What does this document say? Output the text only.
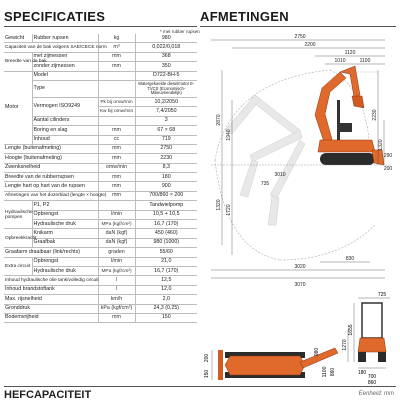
SPECIFICATIES	AFMETINGEN
* met rubber rupsen
Gewicht	Rubber rupsen	kg	980
Capaciteit van de bak volgens SAE/CECE norm		m³	0,022/0,018
Breedte van de bak	met zijmessen	mm	368
	zonder zijmessen	mm	350
Motor	Model		D722-BH-5
	Type		Watergekoelde dieselmotor E-TVCS (Economisch-Milieuvriendelijk)
	Vermogen ISO9249	Pk bij omw/min	10,2/2050
		Kw bij omw/min	7,4/2050
	Aantal cilinders		3
	Boring en slag	mm	67 × 68
	Inhoud	cc	719
Lengte (buitenafmeting)		mm	2750
Hoogte (buitenafmeting)		mm	2230
Zwenksnelheid		omw/min	8,3
Breedte van de rubberrupsen		mm	180
Lengte hart op hart van de rupsen		mm	900
Afmetingen van het dozerblad (lengte × hoogte)		mm	700/860 × 200
Hydraulische pompen	P1, P2		Tandwielpomp
	Opbrengst	l/min	10,5 + 10,5
	Hydraulische druk	MPa (kgf/cm²)	16,7 (170)
Opbreekkracht	Knikarm	daN (kgf)	450 (460)
	Graafbak	daN (kgf)	980 (1000)
Graafarm draaibaar (link/rechts)		graden	55/60
Extra circuit	Opbrengst	l/min	21,0
	Hydraulische druk	MPa (kgf/cm²)	16,7 (170)
Inhoud hydraulische olie tank/volledig circuit		l	12,5
Inhoud brandstoftank		l	12,0
Max. rijsnelheid		km/h	2,0
Gronddruk		kPa (kgf/cm²)	24,3 (0,25)
Bodemvrijheid		mm	150
2750
2200
1120
1010	1100
3020
3070
830
3010
735
2870
1940
1720
1320
2230
1320
200
290
725
1655
1270
180
700
860
200
150
980
1100 860
HEFCAPACITEIT	Eenheid: mm
